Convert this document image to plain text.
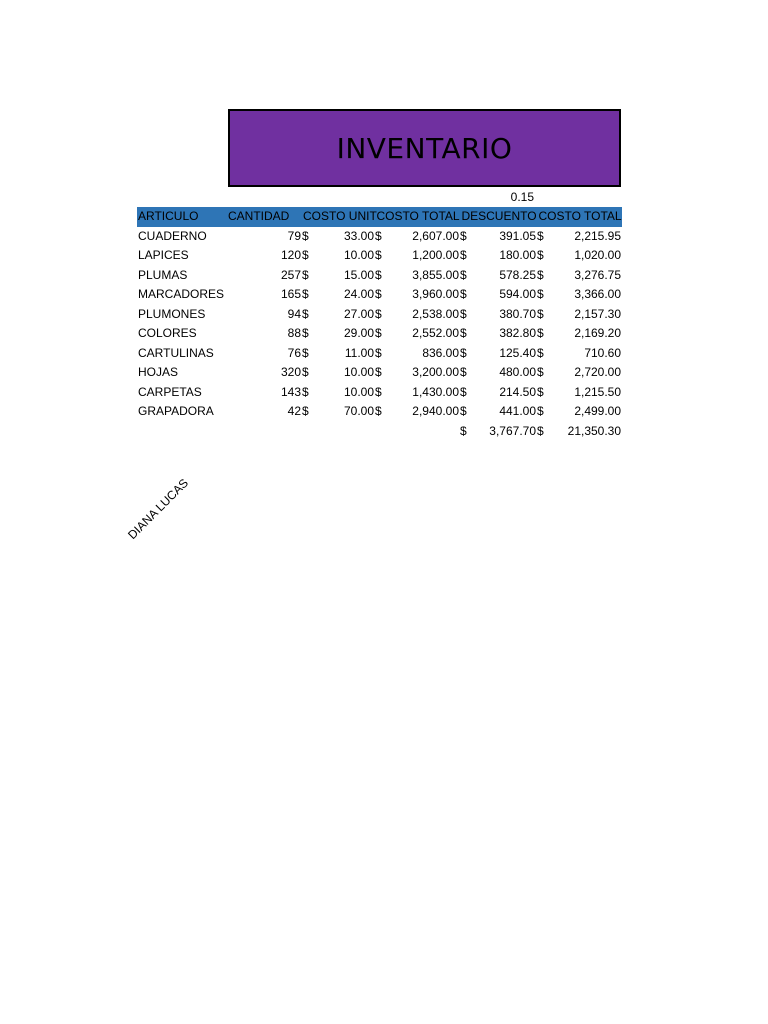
INVENTARIO
0.15
ARTICULO	CANTIDAD	COSTO UNIT		COSTO TOTAL		DESCUENTO		COSTO TOTAL	
CUADERNO	79	$	33.00	$	2,607.00	$	391.05	$	2,215.95
LAPICES	120	$	10.00	$	1,200.00	$	180.00	$	1,020.00
PLUMAS	257	$	15.00	$	3,855.00	$	578.25	$	3,276.75
MARCADORES	165	$	24.00	$	3,960.00	$	594.00	$	3,366.00
PLUMONES	94	$	27.00	$	2,538.00	$	380.70	$	2,157.30
COLORES	88	$	29.00	$	2,552.00	$	382.80	$	2,169.20
CARTULINAS	76	$	11.00	$	836.00	$	125.40	$	710.60
HOJAS	320	$	10.00	$	3,200.00	$	480.00	$	2,720.00
CARPETAS	143	$	10.00	$	1,430.00	$	214.50	$	1,215.50
GRAPADORA	42	$	70.00	$	2,940.00	$	441.00	$	2,499.00
						$	3,767.70	$	21,350.30
DIANA LUCAS
